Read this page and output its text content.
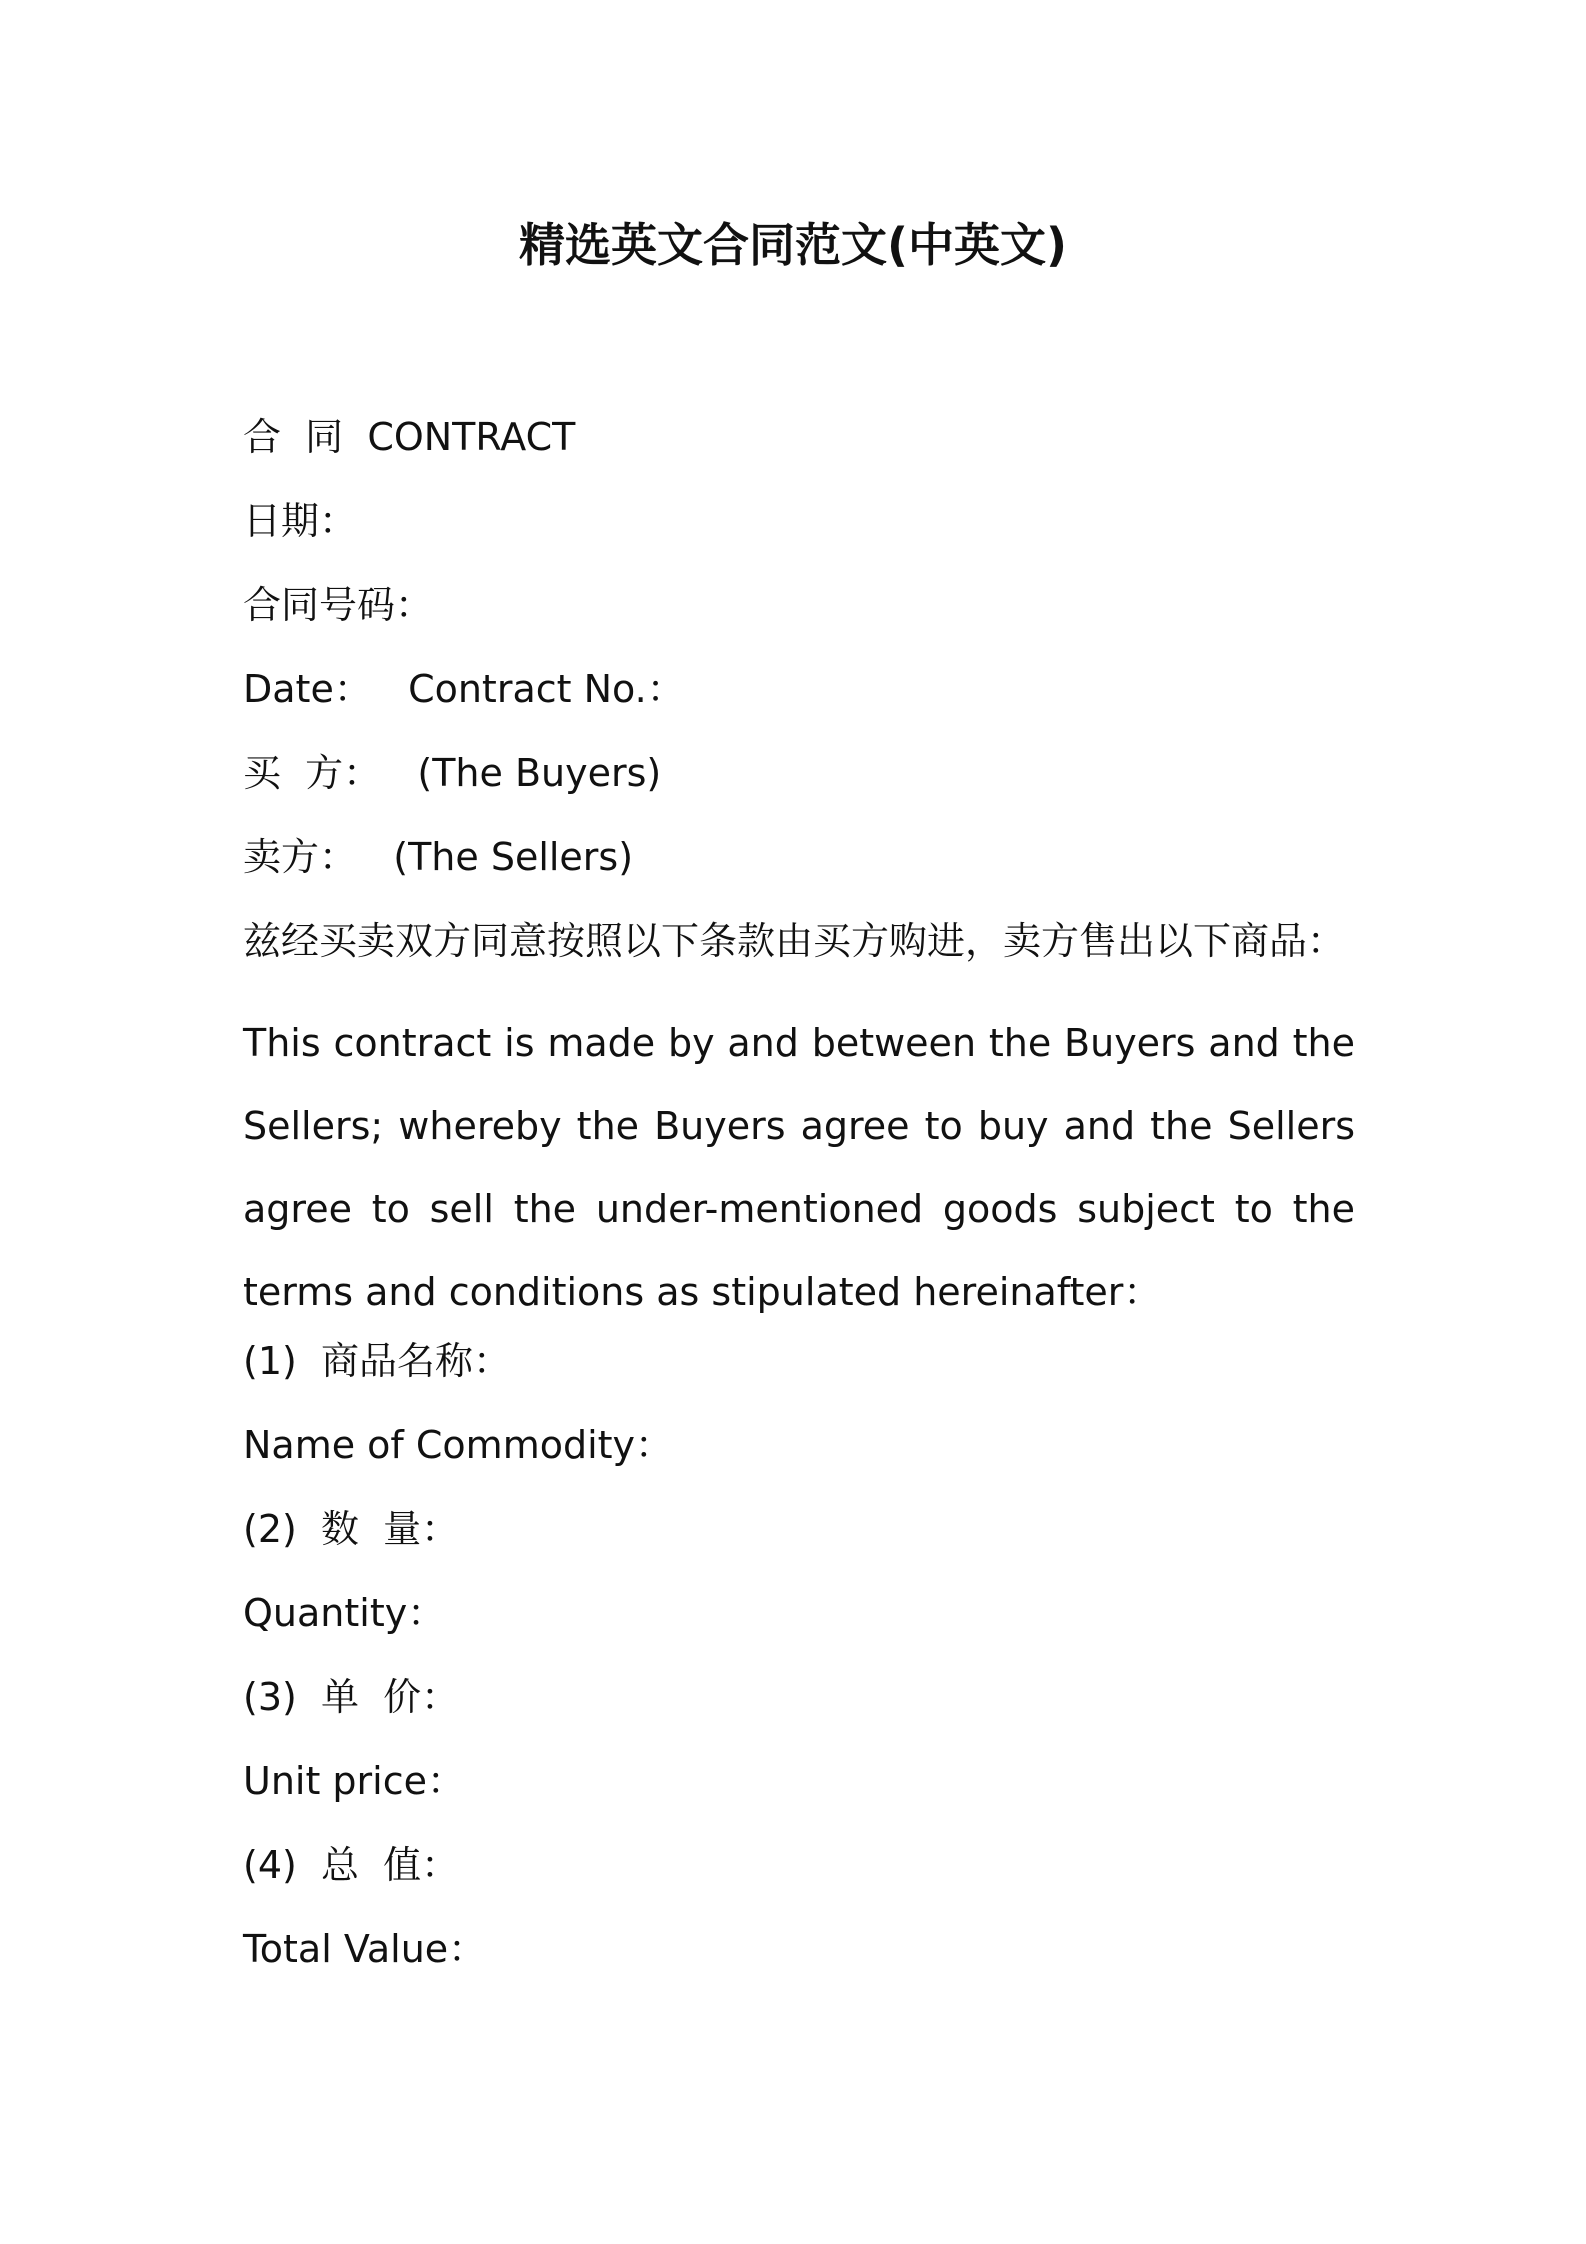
精选英文合同范文(中英文)
合  同  CONTRACT
日期：
合同号码：
Date：   Contract No.：
买  方：   (The Buyers)
卖方：   (The Sellers)
兹经买卖双方同意按照以下条款由买方购进，卖方售出以下商品：
This contract is made by and between the Buyers and the Sellers; whereby the Buyers agree to buy and the Sellers agree to sell the under-mentioned goods subject to the terms and conditions as stipulated hereinafter：
(1)  商品名称：
Name of Commodity：
(2)  数  量：
Quantity：
(3)  单  价：
Unit price：
(4)  总  值：
Total Value：
